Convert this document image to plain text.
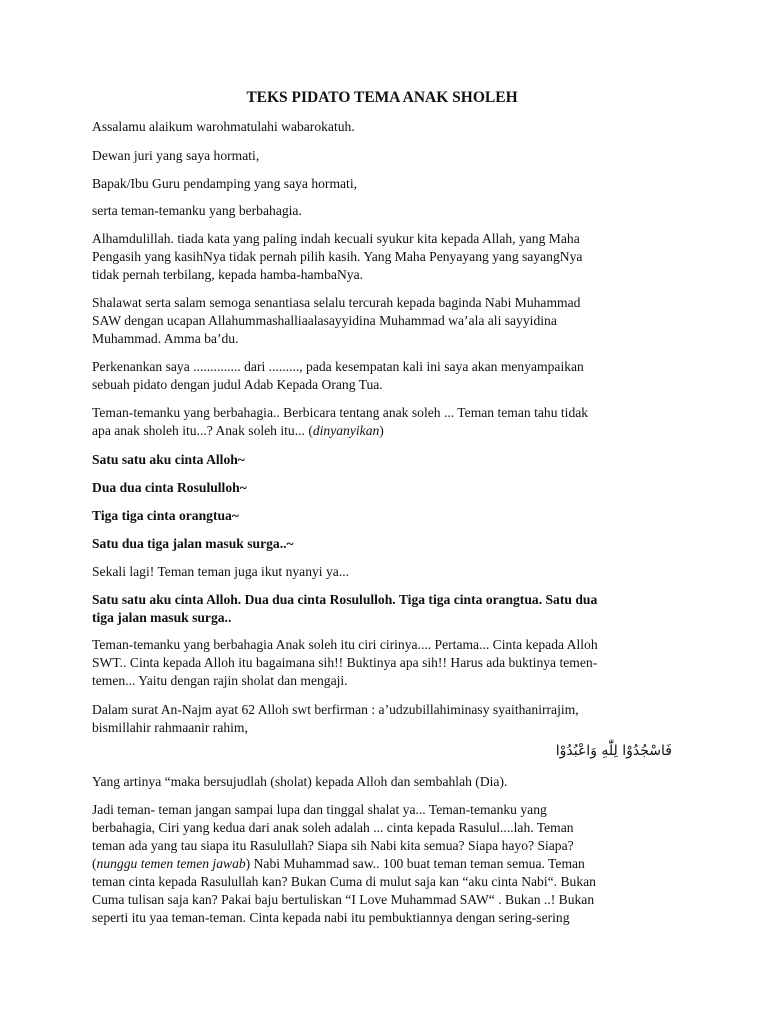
TEKS PIDATO TEMA ANAK SHOLEH

Assalamu alaikum warohmatulahi wabarokatuh.

Dewan juri yang saya hormati,

Bapak/Ibu Guru pendamping yang saya hormati,

serta teman-temanku yang berbahagia.

Alhamdulillah. tiada kata yang paling indah kecuali syukur kita kepada Allah, yang Maha
Pengasih yang kasihNya tidak pernah pilih kasih. Yang Maha Penyayang yang sayangNya
tidak pernah terbilang, kepada hamba-hambaNya.

Shalawat serta salam semoga senantiasa selalu tercurah kepada baginda Nabi Muhammad
SAW dengan ucapan Allahummashalliaalasayyidina Muhammad wa’ala ali sayyidina
Muhammad. Amma ba’du.

Perkenankan saya .............. dari ........., pada kesempatan kali ini saya akan menyampaikan
sebuah pidato dengan judul Adab Kepada Orang Tua.

Teman-temanku yang berbahagia.. Berbicara tentang anak soleh ... Teman teman tahu tidak
apa anak sholeh itu...? Anak soleh itu... (dinyanyikan)

Satu satu aku cinta Alloh~

Dua dua cinta Rosululloh~

Tiga tiga cinta orangtua~

Satu dua tiga jalan masuk surga..~

Sekali lagi! Teman teman juga ikut nyanyi ya...

Satu satu aku cinta Alloh. Dua dua cinta Rosululloh. Tiga tiga cinta orangtua. Satu dua
tiga jalan masuk surga..

Teman-temanku yang berbahagia Anak soleh itu ciri cirinya.... Pertama... Cinta kepada Alloh
SWT.. Cinta kepada Alloh itu bagaimana sih!! Buktinya apa sih!! Harus ada buktinya temen-
temen... Yaitu dengan rajin sholat dan mengaji.

Dalam surat An-Najm ayat 62 Alloh swt berfirman : a’udzubillahiminasy syaithanirrajim,
bismillahir rahmaanir rahim,

فَاسْجُدُوْا لِلّٰهِ وَاعْبُدُوْا

Yang artinya “maka bersujudlah (sholat) kepada Alloh dan sembahlah (Dia).

Jadi teman- teman jangan sampai lupa dan tinggal shalat ya... Teman-temanku yang
berbahagia, Ciri yang kedua dari anak soleh adalah ... cinta kepada Rasulul....lah. Teman
teman ada yang tau siapa itu Rasulullah? Siapa sih Nabi kita semua? Siapa hayo? Siapa?
(nunggu temen temen jawab) Nabi Muhammad saw.. 100 buat teman teman semua. Teman
teman cinta kepada Rasulullah kan? Bukan Cuma di mulut saja kan “aku cinta Nabi“. Bukan
Cuma tulisan saja kan? Pakai baju bertuliskan “I Love Muhammad SAW“ . Bukan ..! Bukan
seperti itu yaa teman-teman. Cinta kepada nabi itu pembuktiannya dengan sering-sering
